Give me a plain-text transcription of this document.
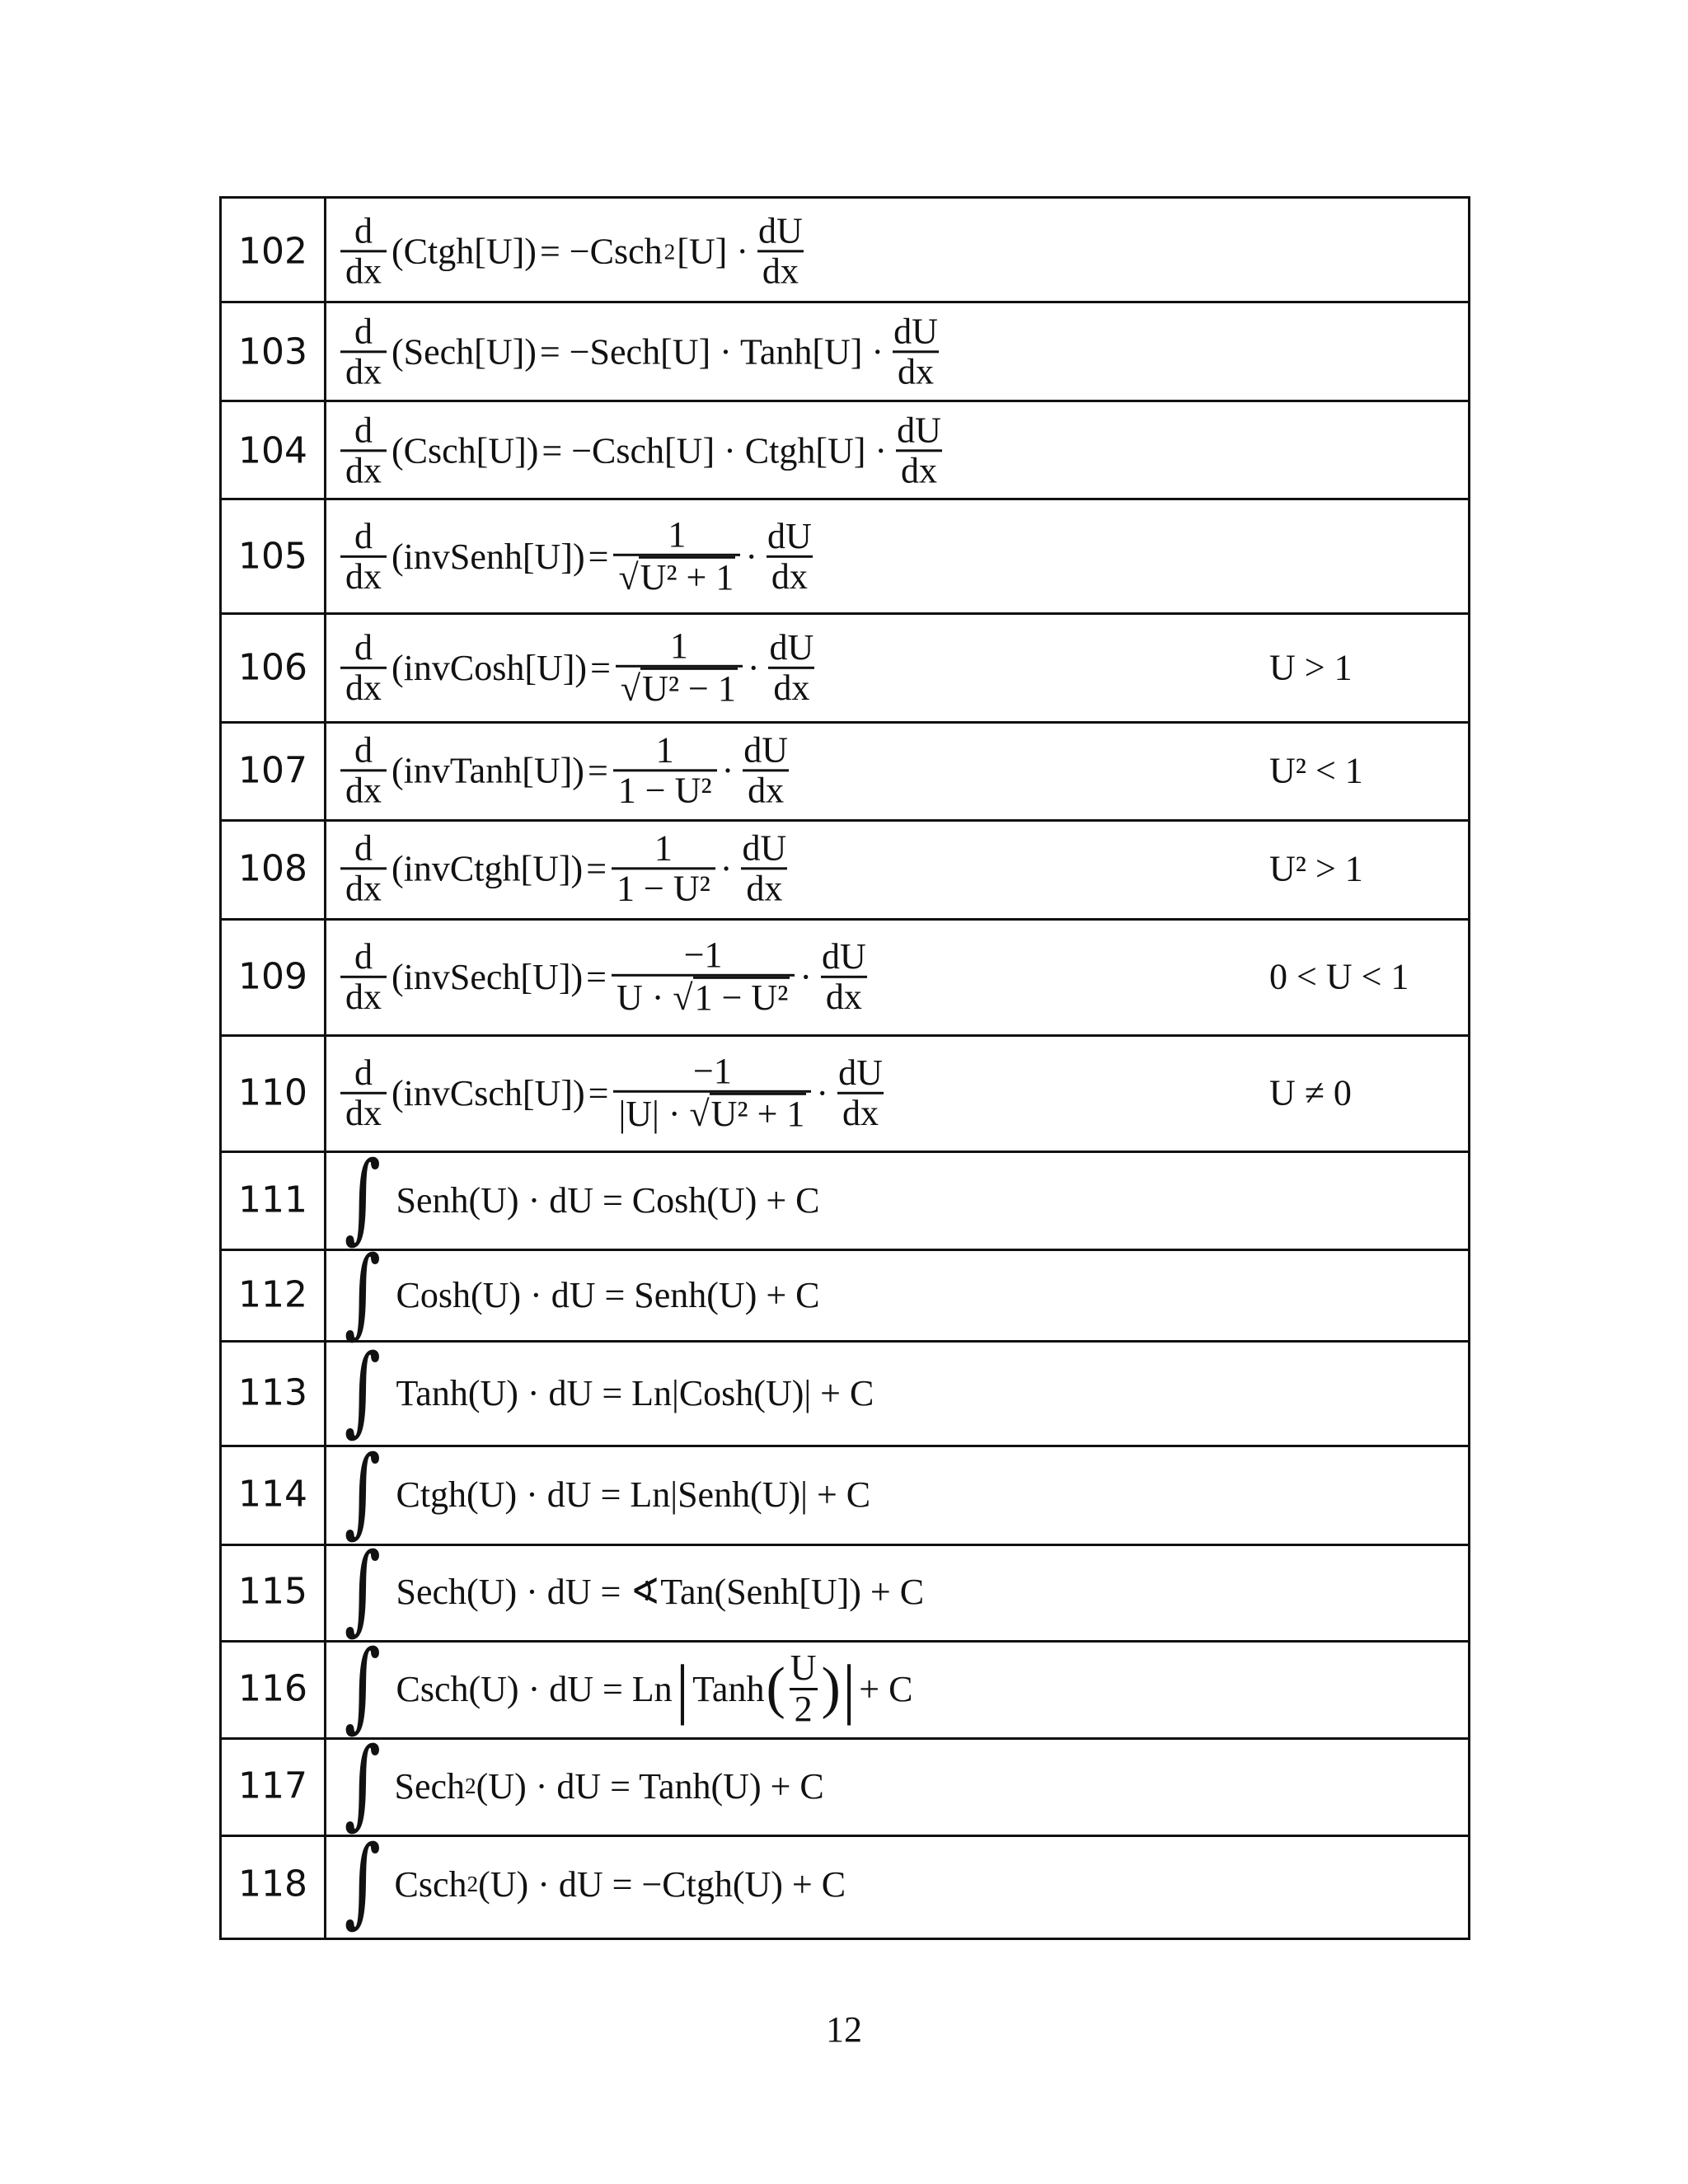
$102 \frac{d}{dx}$ (Ctgh[U]) = −Csch 2 $[U] \cdot \frac{dU}{dx}$
$103 \frac{d}{dx}$ (Sech[U]) = −Sech[U] · Tanh[U] · $\frac{dU}{dx}$
$104 \frac{d}{dx}$ (Csch[U]) = −Csch[U] · Ctgh[U] · $\frac{dU}{dx}$
$105 \frac{d}{dx}$ (invSenh[U]) = $\frac{1}{\text{√ U² + 1}} \cdot \frac{dU}{dx}$
$106 \frac{d}{dx}$ (invCosh[U]) = $\frac{1}{\text{√ U² − 1}} \cdot \frac{dU}{dx}$	U > 1
$107 \frac{d}{dx}$ (invTanh[U]) = $\frac{1}{\text{1 − U²}} \cdot \frac{dU}{dx}$	U² < 1
$108 \frac{d}{dx}$ (invCtgh[U]) = $\frac{1}{\text{1 − U²}} \cdot \frac{dU}{dx}$	U² > 1
$109 \frac{d}{dx}$ (invSech[U]) = $\frac{-1}{\text{U · √ 1 − U²}} \cdot \frac{dU}{dx}$	0 < U < 1
$110 \frac{d}{dx}$ (invCsch[U]) = $\frac{-1}{\text{|U| · √ U² + 1}} \cdot \frac{dU}{dx}$	U ≠ 0
111 ∫ Senh(U) · dU = Cosh(U) + C
112 ∫ Cosh(U) · dU = Senh(U) + C
113 ∫ Tanh(U) · dU = Ln|Cosh(U)| + C
114 ∫ Ctgh(U) · dU = Ln|Senh(U)| + C
115 ∫ Sech(U) · dU = ∢Tan(Senh[U]) + C
116 ∫ Csch(U) · dU = Ln | Tanh ( $\frac{U}{2}$ ) | + C
117 ∫ Sech 2 (U) · dU = Tanh(U) + C
118 ∫ Csch 2 (U) · dU = −Ctgh(U) + C
12
